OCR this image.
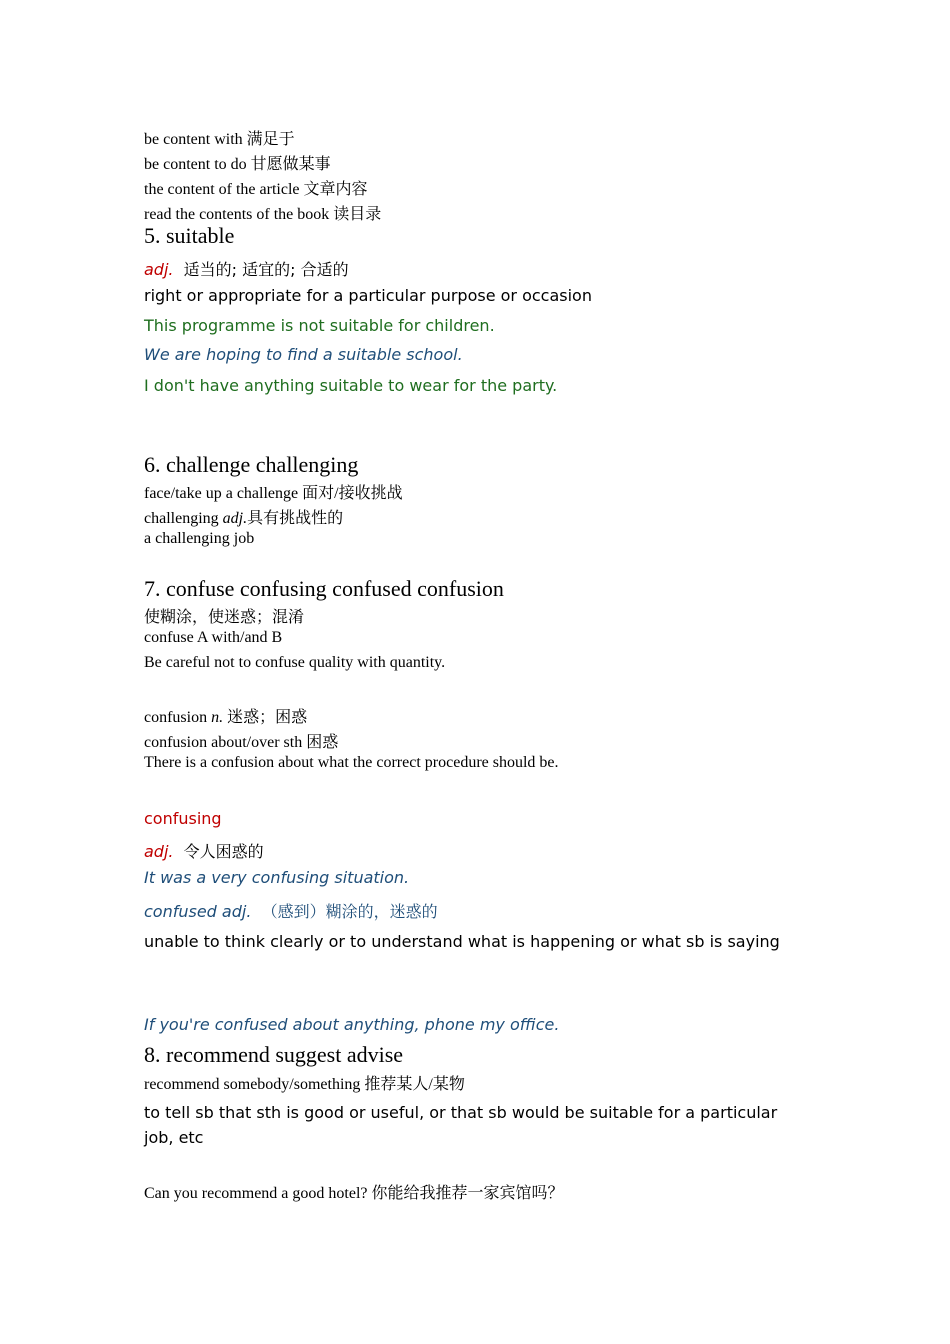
be content with 满足于
be content to do 甘愿做某事
the content of the article 文章内容
read the contents of the book 读目录
5. suitable
adj. 适当的; 适宜的; 合适的
right or appropriate for a particular purpose or occasion
This programme is not suitable for children.
We are hoping to find a suitable school.
I don't have anything suitable to wear for the party.
6. challenge challenging
face/take up a challenge 面对/接收挑战
challenging adj.具有挑战性的
a challenging job
7. confuse confusing confused confusion
使糊涂，使迷惑；混淆
confuse A with/and B
Be careful not to confuse quality with quantity.
confusion n. 迷惑；困惑
confusion about/over sth 困惑
There is a confusion about what the correct procedure should be.
confusing
adj. 令人困惑的
It was a very confusing situation.
confused adj. （感到）糊涂的，迷惑的
unable to think clearly or to understand what is happening or what sb is saying
If you're confused about anything, phone my office.
8. recommend suggest advise
recommend somebody/something 推荐某人/某物
to tell sb that sth is good or useful, or that sb would be suitable for a particular job, etc
Can you recommend a good hotel? 你能给我推荐一家宾馆吗？
